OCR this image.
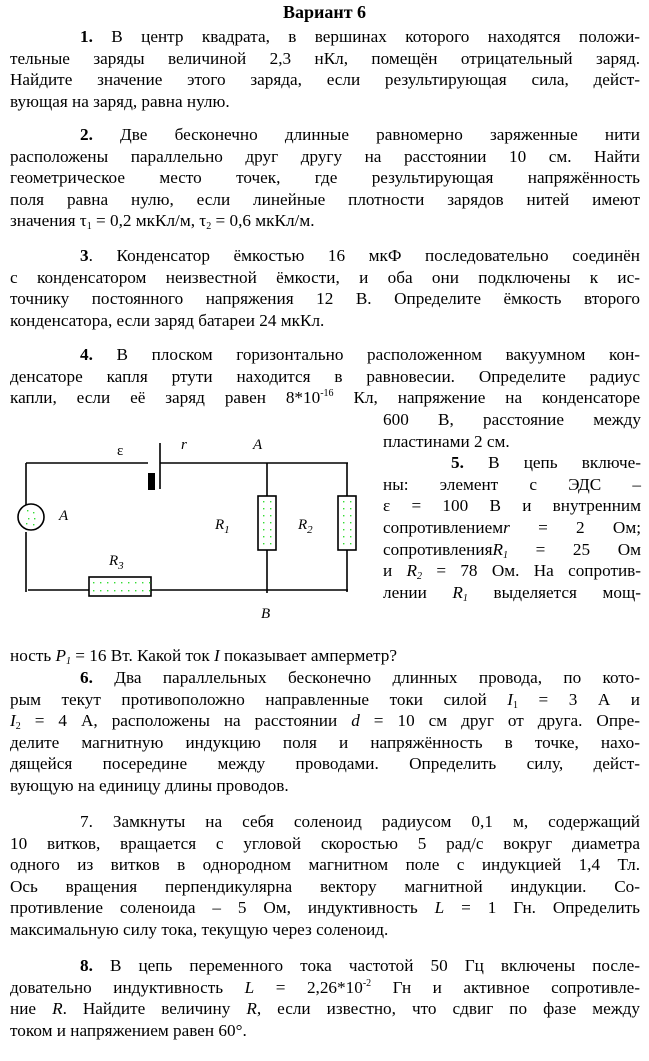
Вариант 6
1. В центр квадрата, в вершинах которого находятся положи-
тельные заряды величиной 2,3 нКл, помещён отрицательный заряд.
Найдите значение этого заряда, если результирующая сила, дейст-
вующая на заряд, равна нулю.
2. Две бесконечно длинные равномерно заряженные нити
расположены параллельно друг другу на расстоянии 10 см. Найти
геометрическое место точек, где результирующая напряжённость
поля равна нулю, если линейные плотности зарядов нитей имеют
значения $\tau_1 = 0,2$ мкКл/м, $\tau_2 = 0,6$ мкКл/м.
3. Конденсатор ёмкостью 16 мкФ последовательно соединён
с конденсатором неизвестной ёмкости, и оба они подключены к ис-
точнику постоянного напряжения 12 В. Определите ёмкость второго
конденсатора, если заряд батареи 24 мкКл.
4. В плоском горизонтально расположенном вакуумном кон-
денсаторе капля ртути находится в равновесии. Определите радиус
капли, если её заряд равен $8*10^{-16}$ Кл, напряжение на конденсаторе
600 В, расстояние между
пластинами 2 см.
5. В цепь включе-
ны: элемент с ЭДС –
ε = 100 В и внутренним
сопротивлениемr = 2 Ом;
сопротивленияR$_1$ = 25 Ом
и $R_2 = 78$ Ом. На сопротив-
лении $R_1$ выделяется мощ-
ε	r	A
B
A
$R_1$	$R_2$
$R_3$
ность $P_1 = 16$ Вт. Какой ток I показывает амперметр?
6. Два параллельных бесконечно длинных провода, по кото-
рым текут противоположно направленные токи силой $I_1 = 3$ А и
$I_2 = 4$ А, расположены на расстоянии d = 10 см друг от друга. Опре-
делите магнитную индукцию поля и напряжённость в точке, нахо-
дящейся посередине между проводами. Определить силу, дейст-
вующую на единицу длины проводов.
7. Замкнуты на себя соленоид радиусом 0,1 м, содержащий
10 витков, вращается с угловой скоростью 5 рад/с вокруг диаметра
одного из витков в однородном магнитном поле с индукцией 1,4 Тл.
Ось вращения перпендикулярна вектору магнитной индукции. Со-
противление соленоида – 5 Ом, индуктивность L = 1 Гн. Определить
максимальную силу тока, текущую через соленоид.
8. В цепь переменного тока частотой 50 Гц включены после-
довательно индуктивность $L = 2,26*10^{-2}$ Гн и активное сопротивле-
ние R. Найдите величину R, если известно, что сдвиг по фазе между
током и напряжением равен 60°.
